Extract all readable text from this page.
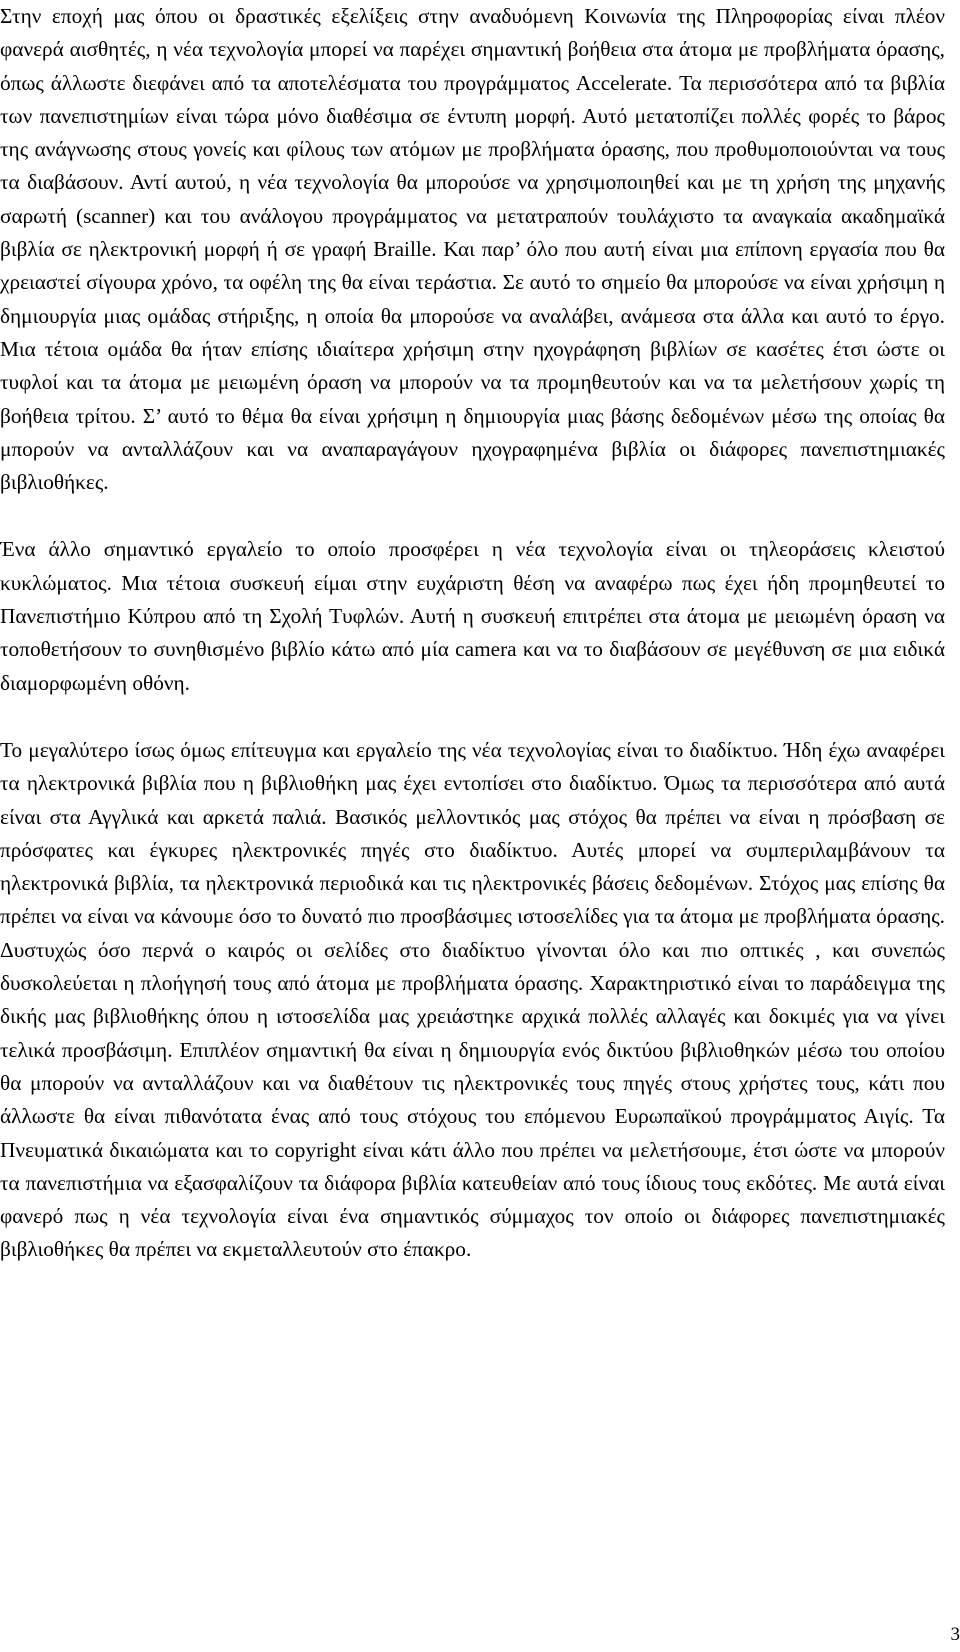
Στην εποχή μας όπου οι δραστικές εξελίξεις στην αναδυόμενη Κοινωνία της Πληροφορίας είναι πλέον φανερά αισθητές, η νέα τεχνολογία μπορεί να παρέχει σημαντική βοήθεια στα άτομα με προβλήματα όρασης, όπως άλλωστε διεφάνει από τα αποτελέσματα του προγράμματος Accelerate. Τα περισσότερα από τα βιβλία των πανεπιστημίων είναι τώρα μόνο διαθέσιμα σε έντυπη μορφή. Αυτό μετατοπίζει πολλές φορές το βάρος της ανάγνωσης στους γονείς και φίλους των ατόμων με προβλήματα όρασης, που προθυμοποιούνται να τους τα διαβάσουν. Αντί αυτού, η νέα τεχνολογία θα μπορούσε να χρησιμοποιηθεί και με τη χρήση της μηχανής σαρωτή (scanner) και του ανάλογου προγράμματος να μετατραπούν τουλάχιστο τα αναγκαία ακαδημαϊκά βιβλία σε ηλεκτρονική μορφή ή σε γραφή Braille. Και παρ’ όλο που αυτή είναι μια επίπονη εργασία που θα χρειαστεί σίγουρα χρόνο, τα οφέλη της θα είναι τεράστια. Σε αυτό το σημείο θα μπορούσε να είναι χρήσιμη η δημιουργία μιας ομάδας στήριξης, η οποία θα μπορούσε να αναλάβει, ανάμεσα στα άλλα και αυτό το έργο. Μια τέτοια ομάδα θα ήταν επίσης ιδιαίτερα χρήσιμη στην ηχογράφηση βιβλίων σε κασέτες έτσι ώστε οι τυφλοί και τα άτομα με μειωμένη όραση να μπορούν να τα προμηθευτούν και να τα μελετήσουν χωρίς τη βοήθεια τρίτου. Σ’ αυτό το θέμα θα είναι χρήσιμη η δημιουργία μιας βάσης δεδομένων μέσω της οποίας θα μπορούν να ανταλλάζουν και να αναπαραγάγουν ηχογραφημένα βιβλία οι διάφορες πανεπιστημιακές βιβλιοθήκες.

Ένα άλλο σημαντικό εργαλείο το οποίο προσφέρει η νέα τεχνολογία είναι οι τηλεοράσεις κλειστού κυκλώματος. Μια τέτοια συσκευή είμαι στην ευχάριστη θέση να αναφέρω πως έχει ήδη προμηθευτεί το Πανεπιστήμιο Κύπρου από τη Σχολή Τυφλών. Αυτή η συσκευή επιτρέπει στα άτομα με μειωμένη όραση να τοποθετήσουν το συνηθισμένο βιβλίο κάτω από μία camera και να το διαβάσουν σε μεγέθυνση σε μια ειδικά διαμορφωμένη οθόνη.

Το μεγαλύτερο ίσως όμως επίτευγμα και εργαλείο της νέα τεχνολογίας είναι το διαδίκτυο. Ήδη έχω αναφέρει τα ηλεκτρονικά βιβλία που η βιβλιοθήκη μας έχει εντοπίσει στο διαδίκτυο. Όμως τα περισσότερα από αυτά είναι στα Αγγλικά και αρκετά παλιά. Βασικός μελλοντικός μας στόχος θα πρέπει να είναι η πρόσβαση σε πρόσφατες και έγκυρες ηλεκτρονικές πηγές στο διαδίκτυο. Αυτές μπορεί να συμπεριλαμβάνουν τα ηλεκτρονικά βιβλία, τα ηλεκτρονικά περιοδικά και τις ηλεκτρονικές βάσεις δεδομένων. Στόχος μας επίσης θα πρέπει να είναι να κάνουμε όσο το δυνατό πιο προσβάσιμες ιστοσελίδες για τα άτομα με προβλήματα όρασης. Δυστυχώς όσο περνά ο καιρός οι σελίδες στο διαδίκτυο γίνονται όλο και πιο οπτικές , και συνεπώς δυσκολεύεται η πλοήγησή τους από άτομα με προβλήματα όρασης. Χαρακτηριστικό είναι το παράδειγμα της δικής μας βιβλιοθήκης όπου η ιστοσελίδα μας χρειάστηκε αρχικά πολλές αλλαγές και δοκιμές για να γίνει τελικά προσβάσιμη. Επιπλέον σημαντική θα είναι η δημιουργία ενός δικτύου βιβλιοθηκών μέσω του οποίου θα μπορούν να ανταλλάζουν και να διαθέτουν τις ηλεκτρονικές τους πηγές στους χρήστες τους, κάτι που άλλωστε θα είναι πιθανότατα ένας από τους στόχους του επόμενου Ευρωπαϊκού προγράμματος Αιγίς. Τα Πνευματικά δικαιώματα και το copyright είναι κάτι άλλο που πρέπει να μελετήσουμε, έτσι ώστε να μπορούν τα πανεπιστήμια να εξασφαλίζουν τα διάφορα βιβλία κατευθείαν από τους ίδιους τους εκδότες. Με αυτά είναι φανερό πως η νέα τεχνολογία είναι ένα σημαντικός σύμμαχος τον οποίο οι διάφορες πανεπιστημιακές βιβλιοθήκες θα πρέπει να εκμεταλλευτούν στο έπακρο.

3
